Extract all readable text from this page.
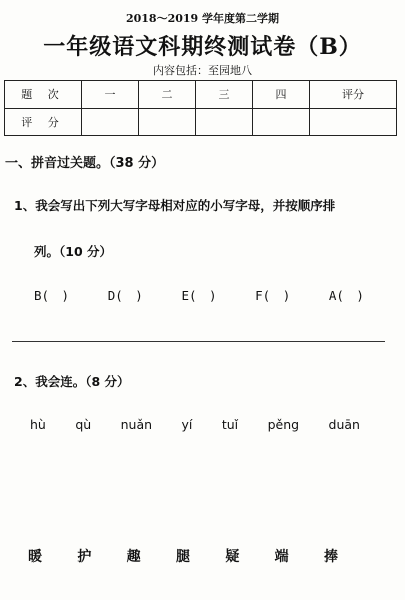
2018～2019 学年度第二学期
一年级语文科期终测试卷（B）
内容包括：至园地八
题 次	一	二	三	四	评分
评 分					
一、拼音过关题。（38 分）
1、我会写出下列大写字母相对应的小写字母，并按顺序排
列。（10 分）
B(　)	D(　)	E(　)	F(　)	A(　)
2、我会连。（8 分）
hù qù nuǎn yí tuǐ pěng duān
暖	护	趣	腿	疑	端	捧
